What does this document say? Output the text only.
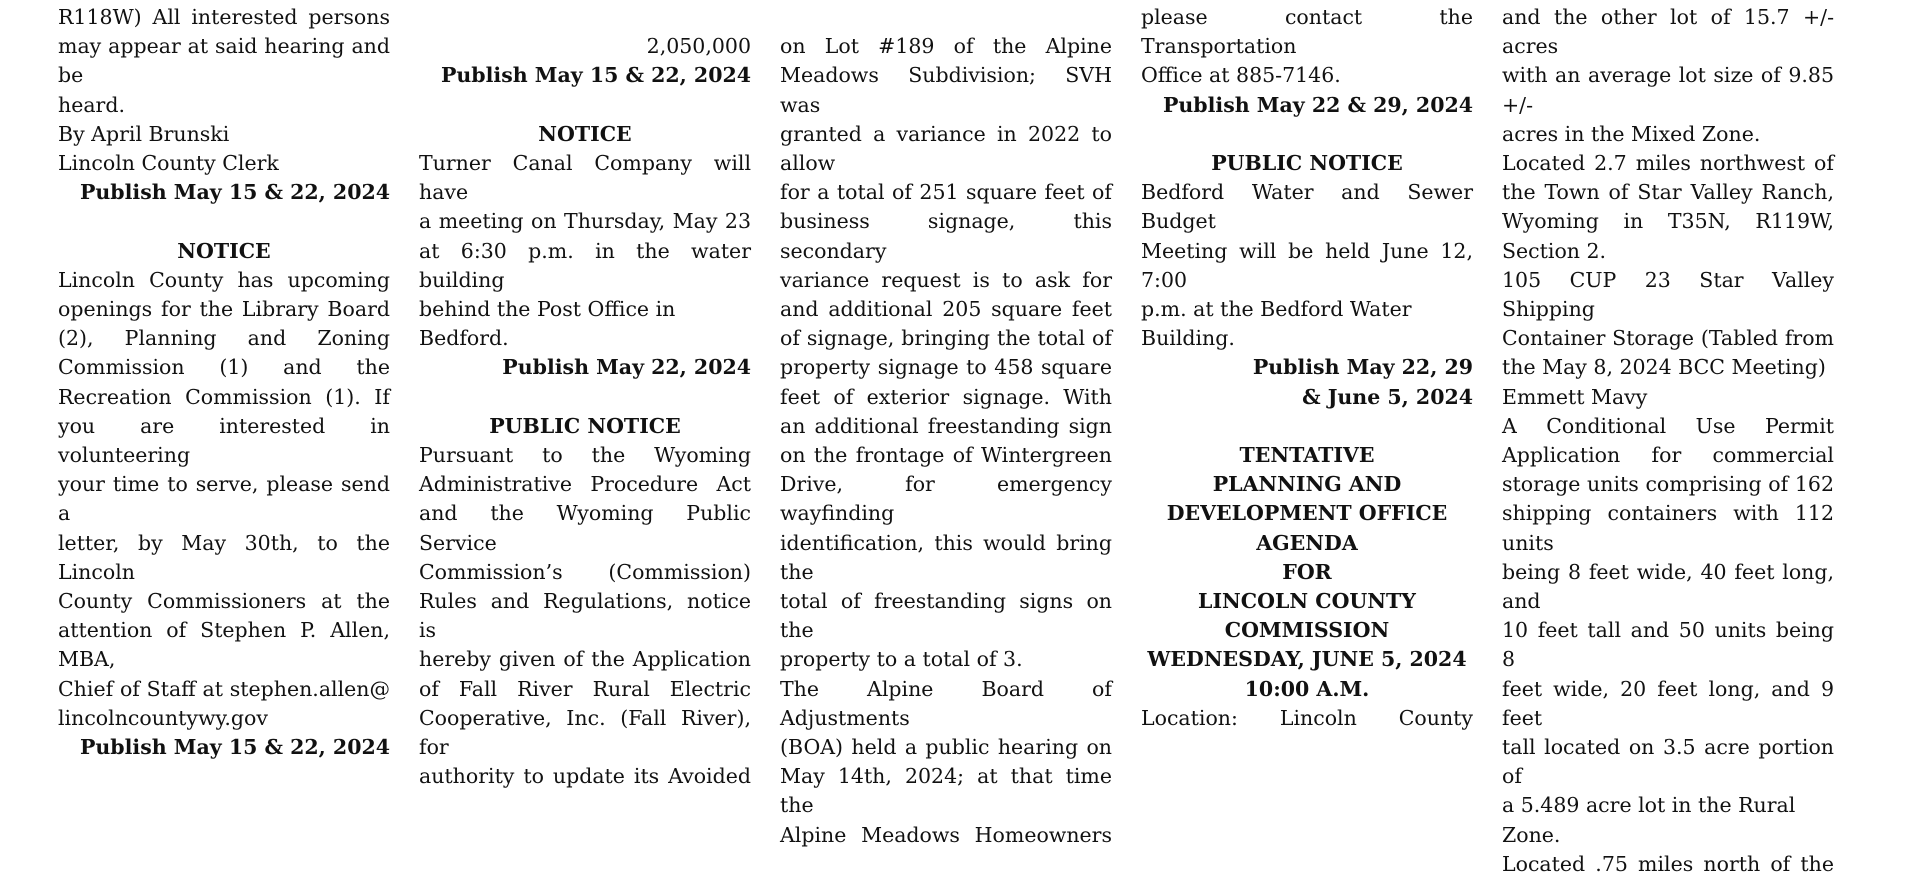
R118W) All interested persons
may appear at said hearing and be
heard.
By April Brunski
Lincoln County Clerk
Publish May 15 & 22, 2024
NOTICE
Lincoln County has upcoming
openings for the Library Board
(2), Planning and Zoning
Commission (1) and the
Recreation Commission (1). If
you are interested in volunteering
your time to serve, please send a
letter, by May 30th, to the Lincoln
County Commissioners at the
attention of Stephen P. Allen, MBA,
Chief of Staff at stephen.allen@
lincolncountywy.gov
Publish May 15 & 22, 2024
2,050,000
Publish May 15 & 22, 2024
NOTICE
Turner Canal Company will have
a meeting on Thursday, May 23
at 6:30 p.m. in the water building
behind the Post Office in Bedford.
Publish May 22, 2024
PUBLIC NOTICE
Pursuant to the Wyoming
Administrative Procedure Act
and the Wyoming Public Service
Commission’s (Commission)
Rules and Regulations, notice is
hereby given of the Application
of Fall River Rural Electric
Cooperative, Inc. (Fall River), for
authority to update its Avoided
on Lot #189 of the Alpine
Meadows Subdivision; SVH was
granted a variance in 2022 to allow
for a total of 251 square feet of
business signage, this secondary
variance request is to ask for
and additional 205 square feet
of signage, bringing the total of
property signage to 458 square
feet of exterior signage. With
an additional freestanding sign
on the frontage of Wintergreen
Drive, for emergency wayfinding
identification, this would bring the
total of freestanding signs on the
property to a total of 3.
The Alpine Board of Adjustments
(BOA) held a public hearing on
May 14th, 2024; at that time the
Alpine Meadows Homeowners
please contact the Transportation
Office at 885-7146.
Publish May 22 & 29, 2024
PUBLIC NOTICE
Bedford Water and Sewer Budget
Meeting will be held June 12, 7:00
p.m. at the Bedford Water Building.
Publish May 22, 29
& June 5, 2024
TENTATIVE
PLANNING AND
DEVELOPMENT OFFICE
AGENDA
FOR
LINCOLN COUNTY
COMMISSION
WEDNESDAY, JUNE 5, 2024
10:00 A.M.
Location: Lincoln County
and the other lot of 15.7 +/- acres
with an average lot size of 9.85 +/-
acres in the Mixed Zone.
Located 2.7 miles northwest of
the Town of Star Valley Ranch,
Wyoming in T35N, R119W,
Section 2.
105 CUP 23 Star Valley Shipping
Container Storage (Tabled from
the May 8, 2024 BCC Meeting)
Emmett Mavy
A Conditional Use Permit
Application for commercial
storage units comprising of 162
shipping containers with 112 units
being 8 feet wide, 40 feet long, and
10 feet tall and 50 units being 8
feet wide, 20 feet long, and 9 feet
tall located on 3.5 acre portion of
a 5.489 acre lot in the Rural Zone.
Located .75 miles north of the
